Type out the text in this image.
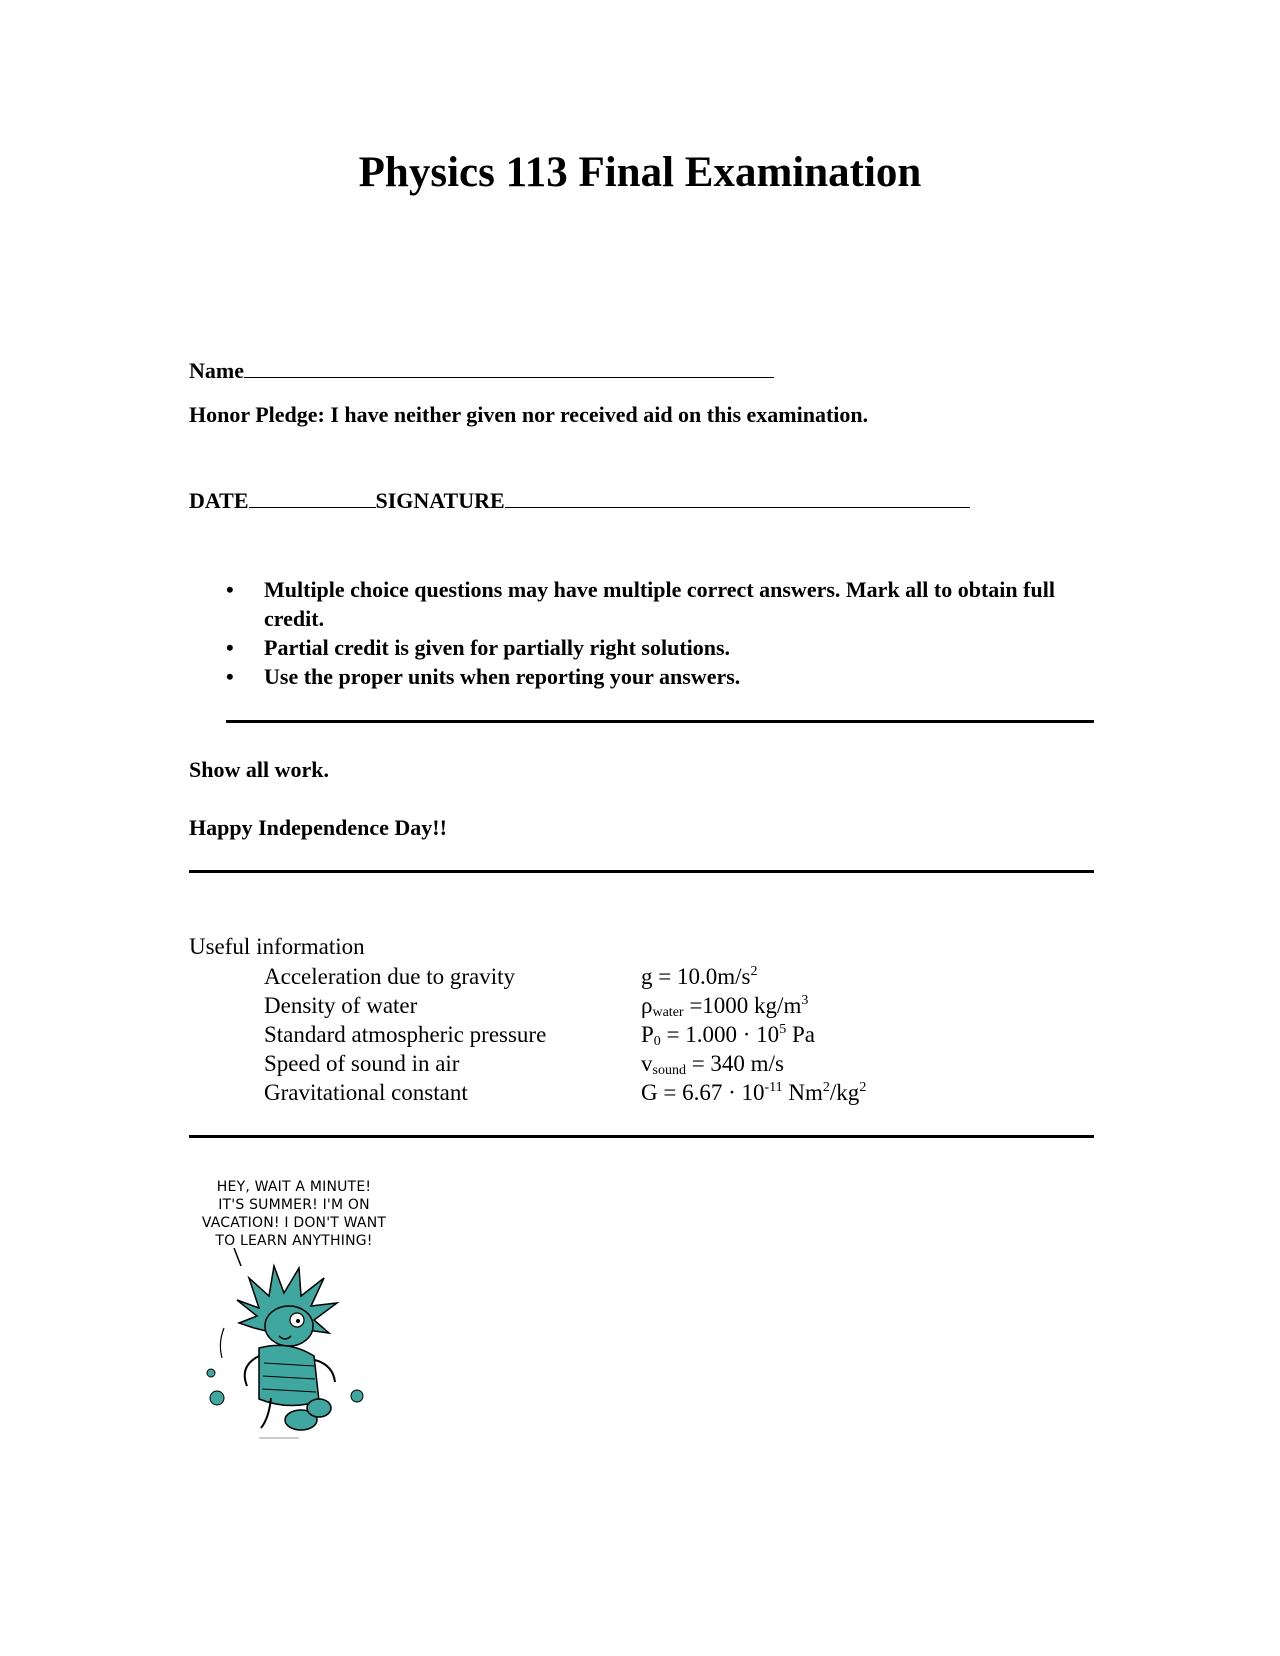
Physics 113 Final Examination
Name
Honor Pledge: I have neither given nor received aid on this examination.
DATE	SIGNATURE
• Multiple choice questions may have multiple correct answers. Mark all to obtain full credit.
• Partial credit is given for partially right solutions.
• Use the proper units when reporting your answers.
Show all work.
Happy Independence Day!!
Useful information
Acceleration due to gravity	$g = 10.0m/s^2$
Density of water	$\rho_{water} =1000$ $kg/m^3$
Standard atmospheric pressure	$P_0 = 1.000 \cdot 10^5$ Pa
Speed of sound in air	$v_{sound} = 340$ m/s
Gravitational constant	$G = 6.67 \cdot 10^{-11}$ $Nm^2/kg^2$
HEY, WAIT A MINUTE!
IT'S SUMMER! I'M ON
VACATION! I DON'T WANT
TO LEARN ANYTHING!
